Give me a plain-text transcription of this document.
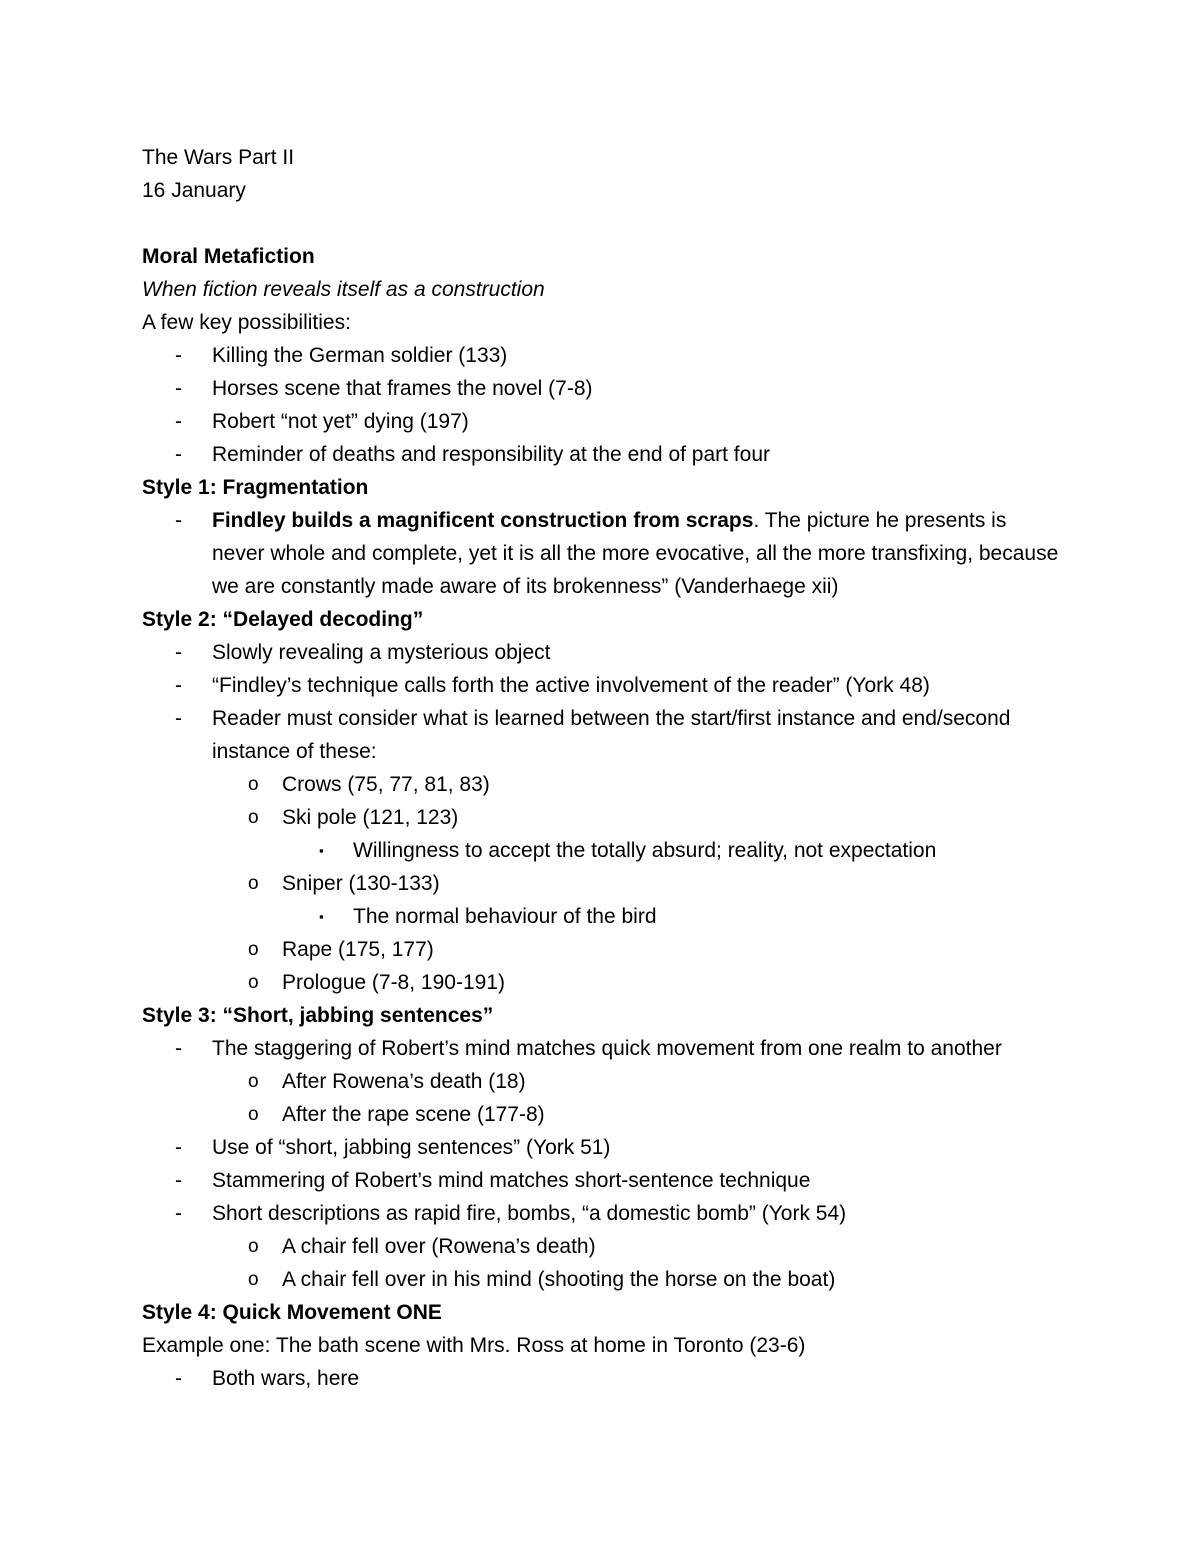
The Wars Part II
16 January
Moral Metafiction
When fiction reveals itself as a construction
A few key possibilities:
- Killing the German soldier (133)
- Horses scene that frames the novel (7-8)
- Robert “not yet” dying (197)
- Reminder of deaths and responsibility at the end of part four
Style 1: Fragmentation
- Findley builds a magnificent construction from scraps. The picture he presents is never whole and complete, yet it is all the more evocative, all the more transfixing, because we are constantly made aware of its brokenness” (Vanderhaege xii)
Style 2: “Delayed decoding”
- Slowly revealing a mysterious object
- “Findley’s technique calls forth the active involvement of the reader” (York 48)
- Reader must consider what is learned between the start/first instance and end/second instance of these:
o Crows (75, 77, 81, 83)
o Ski pole (121, 123)
▪ Willingness to accept the totally absurd; reality, not expectation
o Sniper (130-133)
▪ The normal behaviour of the bird
o Rape (175, 177)
o Prologue (7-8, 190-191)
Style 3: “Short, jabbing sentences”
- The staggering of Robert’s mind matches quick movement from one realm to another
o After Rowena’s death (18)
o After the rape scene (177-8)
- Use of “short, jabbing sentences” (York 51)
- Stammering of Robert’s mind matches short-sentence technique
- Short descriptions as rapid fire, bombs, “a domestic bomb” (York 54)
o A chair fell over (Rowena’s death)
o A chair fell over in his mind (shooting the horse on the boat)
Style 4: Quick Movement ONE
Example one: The bath scene with Mrs. Ross at home in Toronto (23-6)
- Both wars, here
